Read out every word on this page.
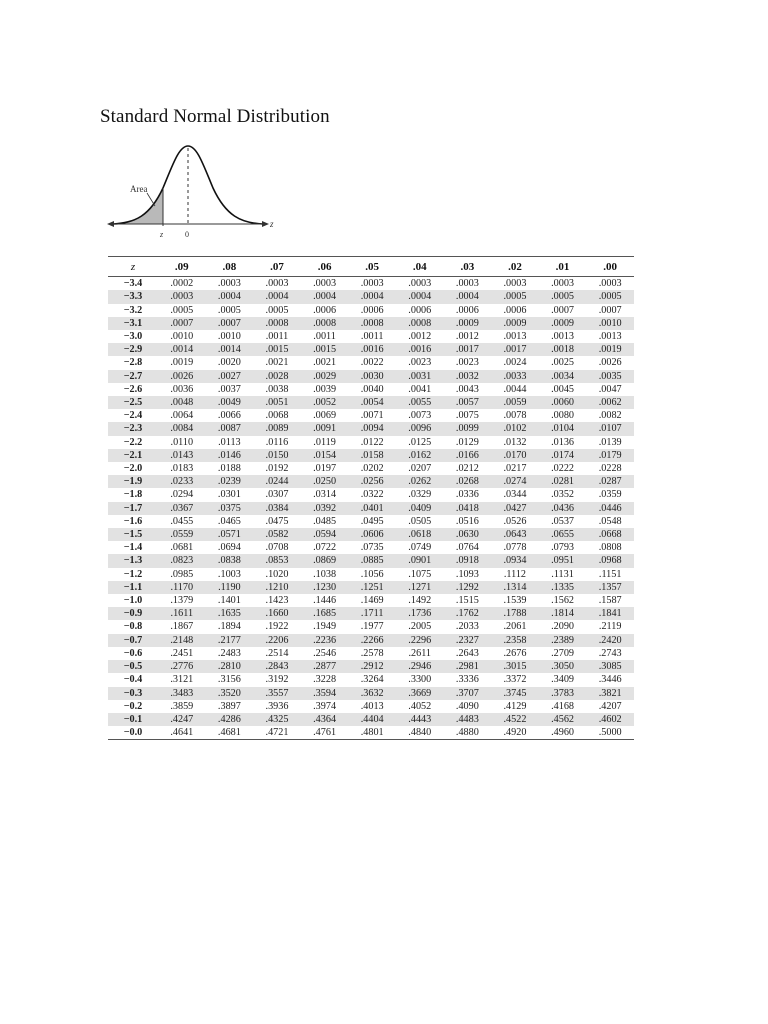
Standard Normal Distribution
Area
z	0
z
z	.09	.08	.07	.06	.05	.04	.03	.02	.01	.00
−3.4	.0002	.0003	.0003	.0003	.0003	.0003	.0003	.0003	.0003	.0003
−3.3	.0003	.0004	.0004	.0004	.0004	.0004	.0004	.0005	.0005	.0005
−3.2	.0005	.0005	.0005	.0006	.0006	.0006	.0006	.0006	.0007	.0007
−3.1	.0007	.0007	.0008	.0008	.0008	.0008	.0009	.0009	.0009	.0010
−3.0	.0010	.0010	.0011	.0011	.0011	.0012	.0012	.0013	.0013	.0013
−2.9	.0014	.0014	.0015	.0015	.0016	.0016	.0017	.0017	.0018	.0019
−2.8	.0019	.0020	.0021	.0021	.0022	.0023	.0023	.0024	.0025	.0026
−2.7	.0026	.0027	.0028	.0029	.0030	.0031	.0032	.0033	.0034	.0035
−2.6	.0036	.0037	.0038	.0039	.0040	.0041	.0043	.0044	.0045	.0047
−2.5	.0048	.0049	.0051	.0052	.0054	.0055	.0057	.0059	.0060	.0062
−2.4	.0064	.0066	.0068	.0069	.0071	.0073	.0075	.0078	.0080	.0082
−2.3	.0084	.0087	.0089	.0091	.0094	.0096	.0099	.0102	.0104	.0107
−2.2	.0110	.0113	.0116	.0119	.0122	.0125	.0129	.0132	.0136	.0139
−2.1	.0143	.0146	.0150	.0154	.0158	.0162	.0166	.0170	.0174	.0179
−2.0	.0183	.0188	.0192	.0197	.0202	.0207	.0212	.0217	.0222	.0228
−1.9	.0233	.0239	.0244	.0250	.0256	.0262	.0268	.0274	.0281	.0287
−1.8	.0294	.0301	.0307	.0314	.0322	.0329	.0336	.0344	.0352	.0359
−1.7	.0367	.0375	.0384	.0392	.0401	.0409	.0418	.0427	.0436	.0446
−1.6	.0455	.0465	.0475	.0485	.0495	.0505	.0516	.0526	.0537	.0548
−1.5	.0559	.0571	.0582	.0594	.0606	.0618	.0630	.0643	.0655	.0668
−1.4	.0681	.0694	.0708	.0722	.0735	.0749	.0764	.0778	.0793	.0808
−1.3	.0823	.0838	.0853	.0869	.0885	.0901	.0918	.0934	.0951	.0968
−1.2	.0985	.1003	.1020	.1038	.1056	.1075	.1093	.1112	.1131	.1151
−1.1	.1170	.1190	.1210	.1230	.1251	.1271	.1292	.1314	.1335	.1357
−1.0	.1379	.1401	.1423	.1446	.1469	.1492	.1515	.1539	.1562	.1587
−0.9	.1611	.1635	.1660	.1685	.1711	.1736	.1762	.1788	.1814	.1841
−0.8	.1867	.1894	.1922	.1949	.1977	.2005	.2033	.2061	.2090	.2119
−0.7	.2148	.2177	.2206	.2236	.2266	.2296	.2327	.2358	.2389	.2420
−0.6	.2451	.2483	.2514	.2546	.2578	.2611	.2643	.2676	.2709	.2743
−0.5	.2776	.2810	.2843	.2877	.2912	.2946	.2981	.3015	.3050	.3085
−0.4	.3121	.3156	.3192	.3228	.3264	.3300	.3336	.3372	.3409	.3446
−0.3	.3483	.3520	.3557	.3594	.3632	.3669	.3707	.3745	.3783	.3821
−0.2	.3859	.3897	.3936	.3974	.4013	.4052	.4090	.4129	.4168	.4207
−0.1	.4247	.4286	.4325	.4364	.4404	.4443	.4483	.4522	.4562	.4602
−0.0	.4641	.4681	.4721	.4761	.4801	.4840	.4880	.4920	.4960	.5000
